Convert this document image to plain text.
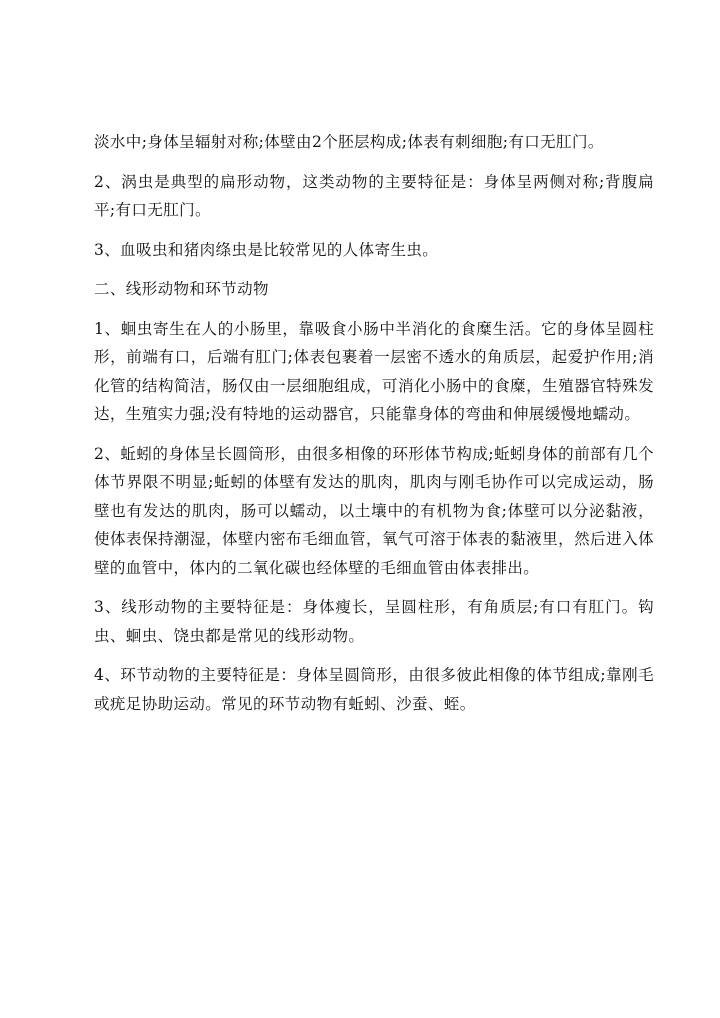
淡水中;身体呈辐射对称;体壁由2个胚层构成;体表有刺细胞;有口无肛门。

2、涡虫是典型的扁形动物，这类动物的主要特征是：身体呈两侧对称;背腹扁平;有口无肛门。

3、血吸虫和猪肉绦虫是比较常见的人体寄生虫。

二、线形动物和环节动物

1、蛔虫寄生在人的小肠里，靠吸食小肠中半消化的食糜生活。它的身体呈圆柱形，前端有口，后端有肛门;体表包裹着一层密不透水的角质层，起爱护作用;消化管的结构简洁，肠仅由一层细胞组成，可消化小肠中的食糜，生殖器官特殊发达，生殖实力强;没有特地的运动器官，只能靠身体的弯曲和伸展缓慢地蠕动。

2、蚯蚓的身体呈长圆筒形，由很多相像的环形体节构成;蚯蚓身体的前部有几个体节界限不明显;蚯蚓的体壁有发达的肌肉，肌肉与刚毛协作可以完成运动，肠壁也有发达的肌肉，肠可以蠕动，以土壤中的有机物为食;体壁可以分泌黏液，使体表保持潮湿，体壁内密布毛细血管，氧气可溶于体表的黏液里，然后进入体壁的血管中，体内的二氧化碳也经体壁的毛细血管由体表排出。

3、线形动物的主要特征是：身体瘦长，呈圆柱形，有角质层;有口有肛门。钩虫、蛔虫、饶虫都是常见的线形动物。

4、环节动物的主要特征是：身体呈圆筒形，由很多彼此相像的体节组成;靠刚毛或疣足协助运动。常见的环节动物有蚯蚓、沙蚕、蛭。
